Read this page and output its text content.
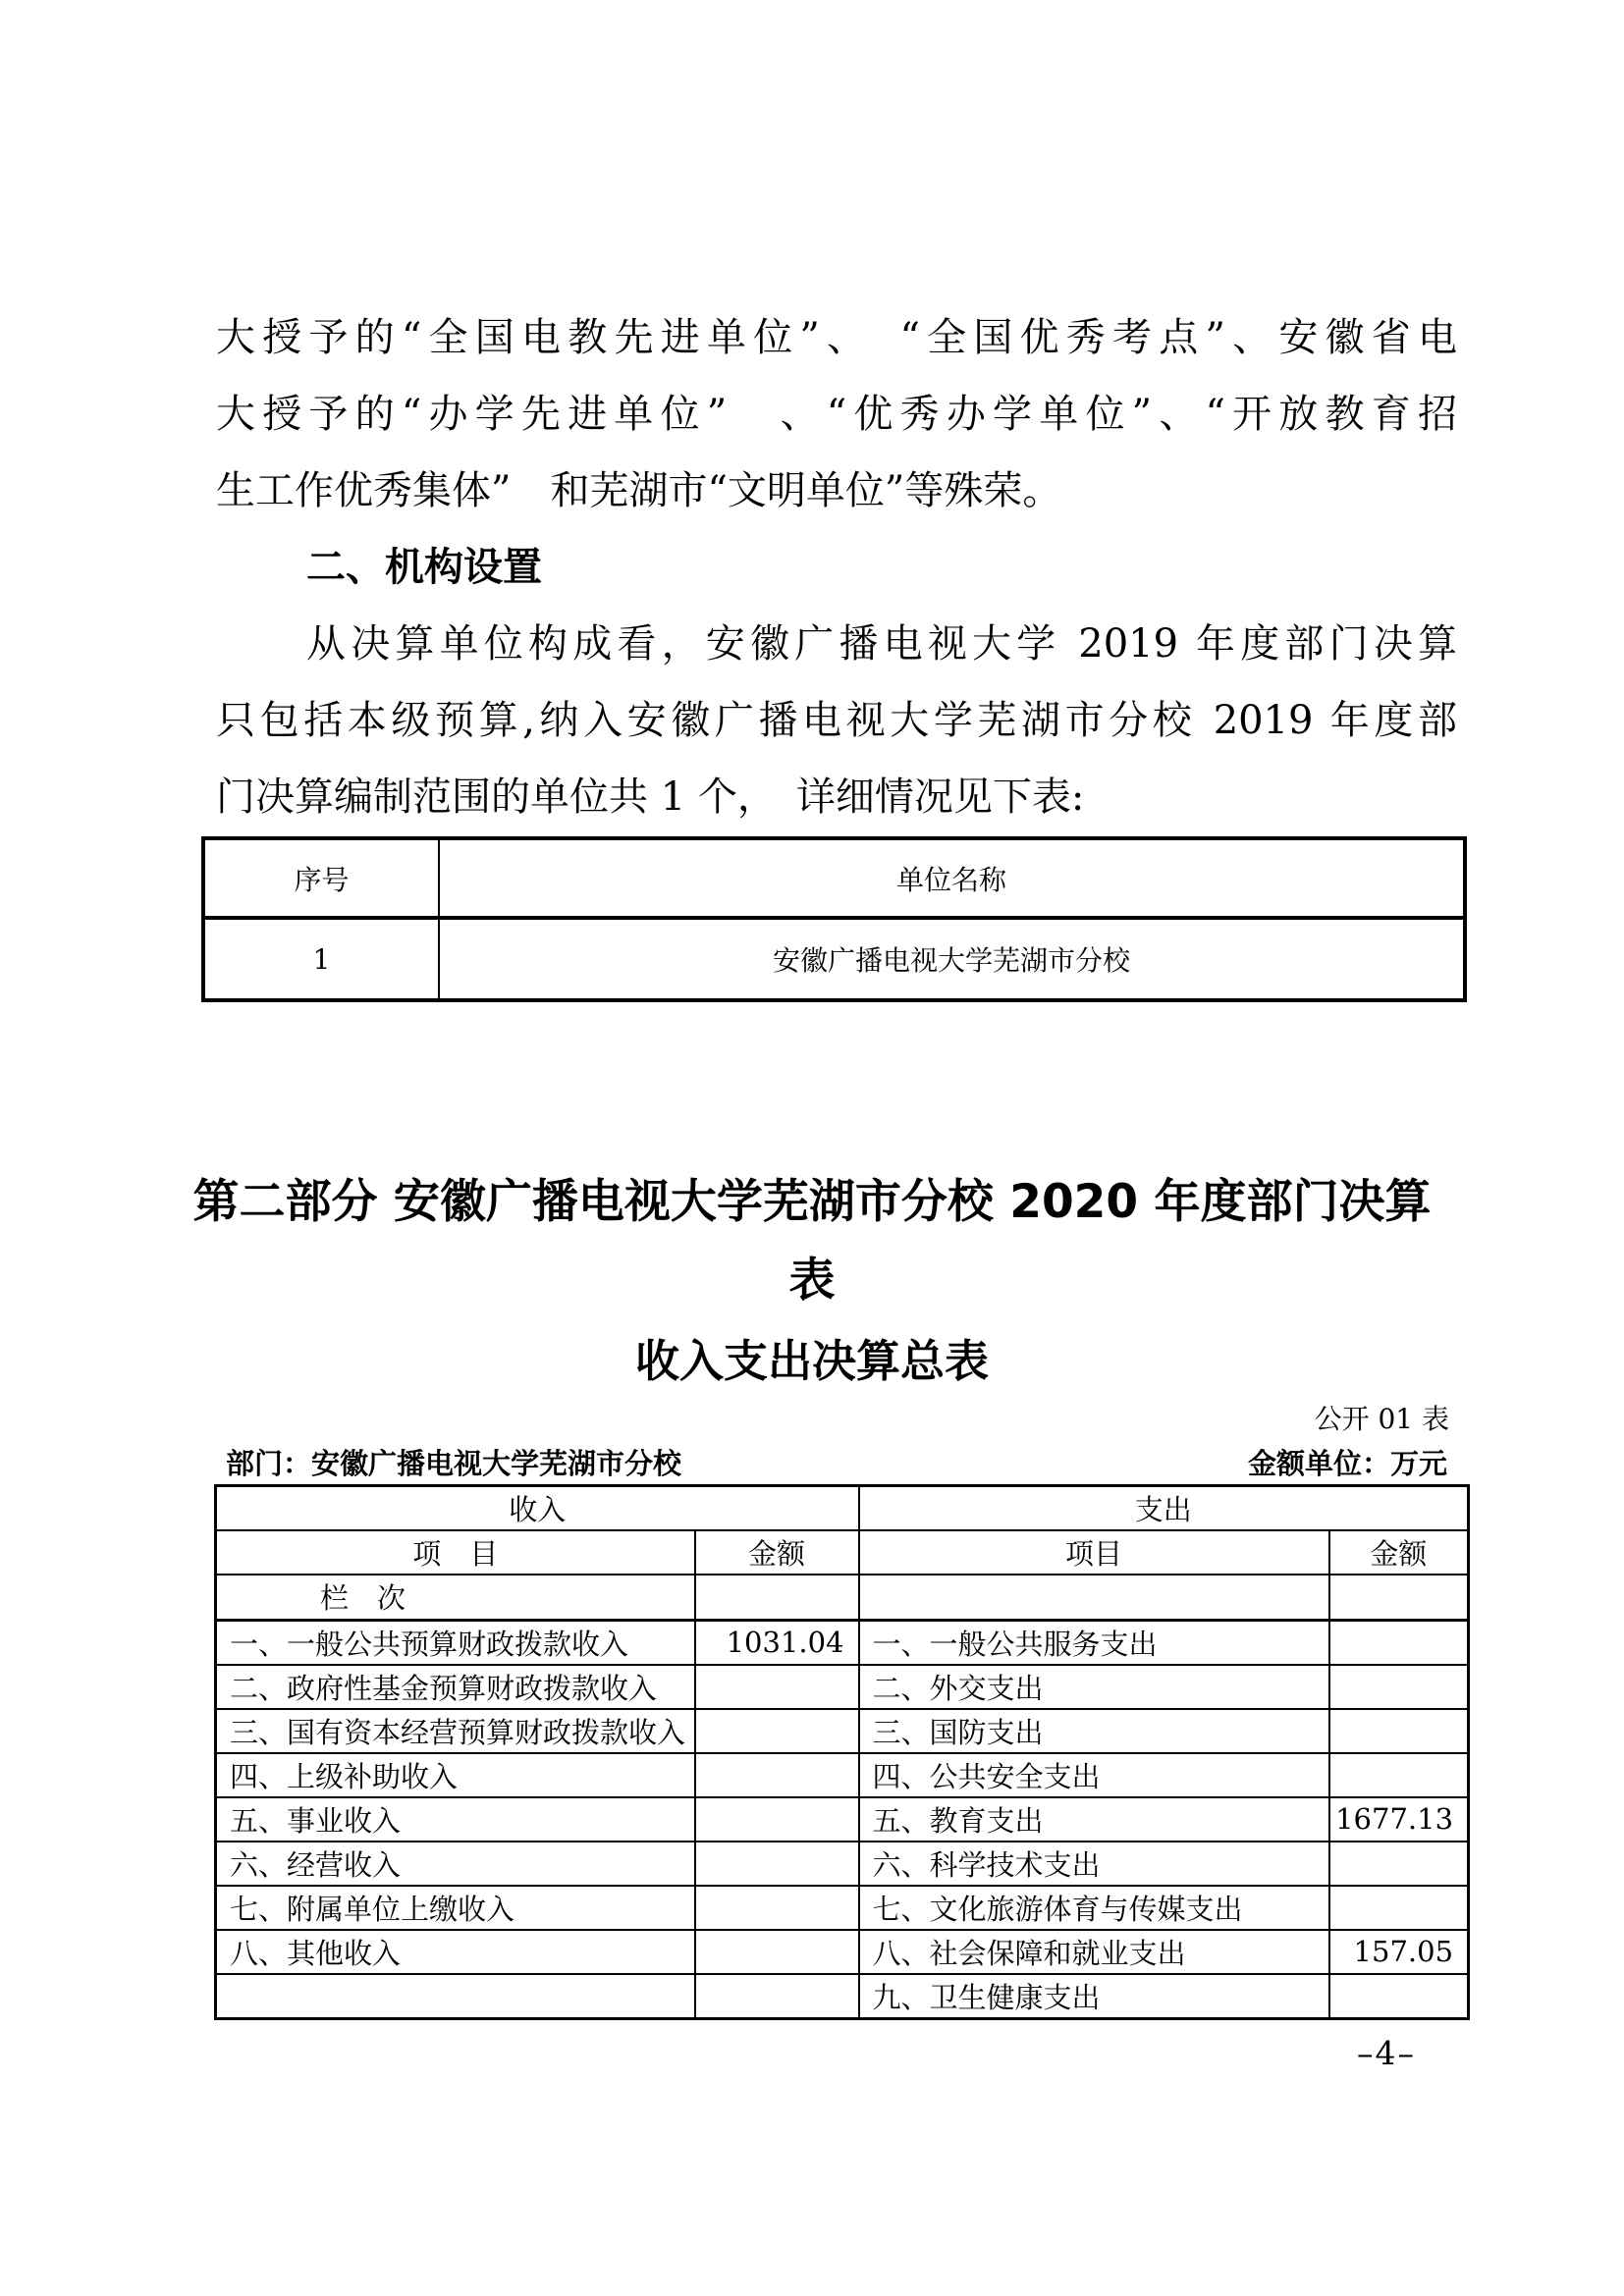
大授予的“全国电教先进单位”、　“全国优秀考点”、安徽省电
大授予的“办学先进单位”　、“优秀办学单位”、“开放教育招
生工作优秀集体”　和芜湖市“文明单位”等殊荣。
二、机构设置
从决算单位构成看，安徽广播电视大学 2019 年度部门决算
只包括本级预算,纳入安徽广播电视大学芜湖市分校 2019 年度部
门决算编制范围的单位共 1 个，　详细情况见下表:
序号	单位名称
1	安徽广播电视大学芜湖市分校
第二部分 安徽广播电视大学芜湖市分校 2020 年度部门决算
表
收入支出决算总表
公开 01 表
部门：安徽广播电视大学芜湖市分校	金额单位：万元
收入		支出	
项　目	金额	项目	金额
栏　次			
一、一般公共预算财政拨款收入	1031.04	一、一般公共服务支出	
二、政府性基金预算财政拨款收入		二、外交支出	
三、国有资本经营预算财政拨款收入		三、国防支出	
四、上级补助收入		四、公共安全支出	
五、事业收入		五、教育支出	1677.13
六、经营收入		六、科学技术支出	
七、附属单位上缴收入		七、文化旅游体育与传媒支出	
八、其他收入		八、社会保障和就业支出	157.05
		九、卫生健康支出	
–4–
